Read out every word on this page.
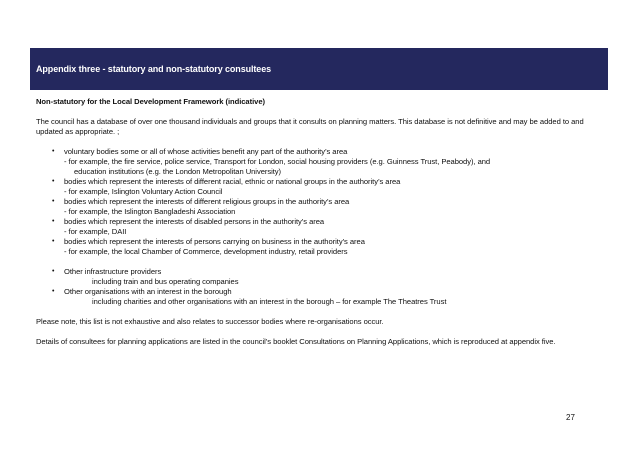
Appendix three - statutory and non-statutory consultees

Non-statutory for the Local Development Framework (indicative)

The council has a database of over one thousand individuals and groups that it consults on planning matters. This database is not definitive and may be added to and updated as appropriate. ;

• voluntary bodies some or all of whose activities benefit any part of the authority’s area
- for example, the fire service, police service, Transport for London, social housing providers (e.g. Guinness Trust, Peabody), and
education institutions (e.g. the London Metropolitan University)
• bodies which represent the interests of different racial, ethnic or national groups in the authority’s area
- for example, Islington Voluntary Action Council
• bodies which represent the interests of different religious groups in the authority’s area
- for example, the Islington Bangladeshi Association
• bodies which represent the interests of disabled persons in the authority’s area
- for example, DAII
• bodies which represent the interests of persons carrying on business in the authority’s area
- for example, the local Chamber of Commerce, development industry, retail providers
• Other infrastructure providers
including train and bus operating companies
• Other organisations with an interest in the borough
including charities and other organisations with an interest in the borough – for example The Theatres Trust

Please note, this list is not exhaustive and also relates to successor bodies where re-organisations occur.

Details of consultees for planning applications are listed in the council’s booklet Consultations on Planning Applications, which is reproduced at appendix five.

27
